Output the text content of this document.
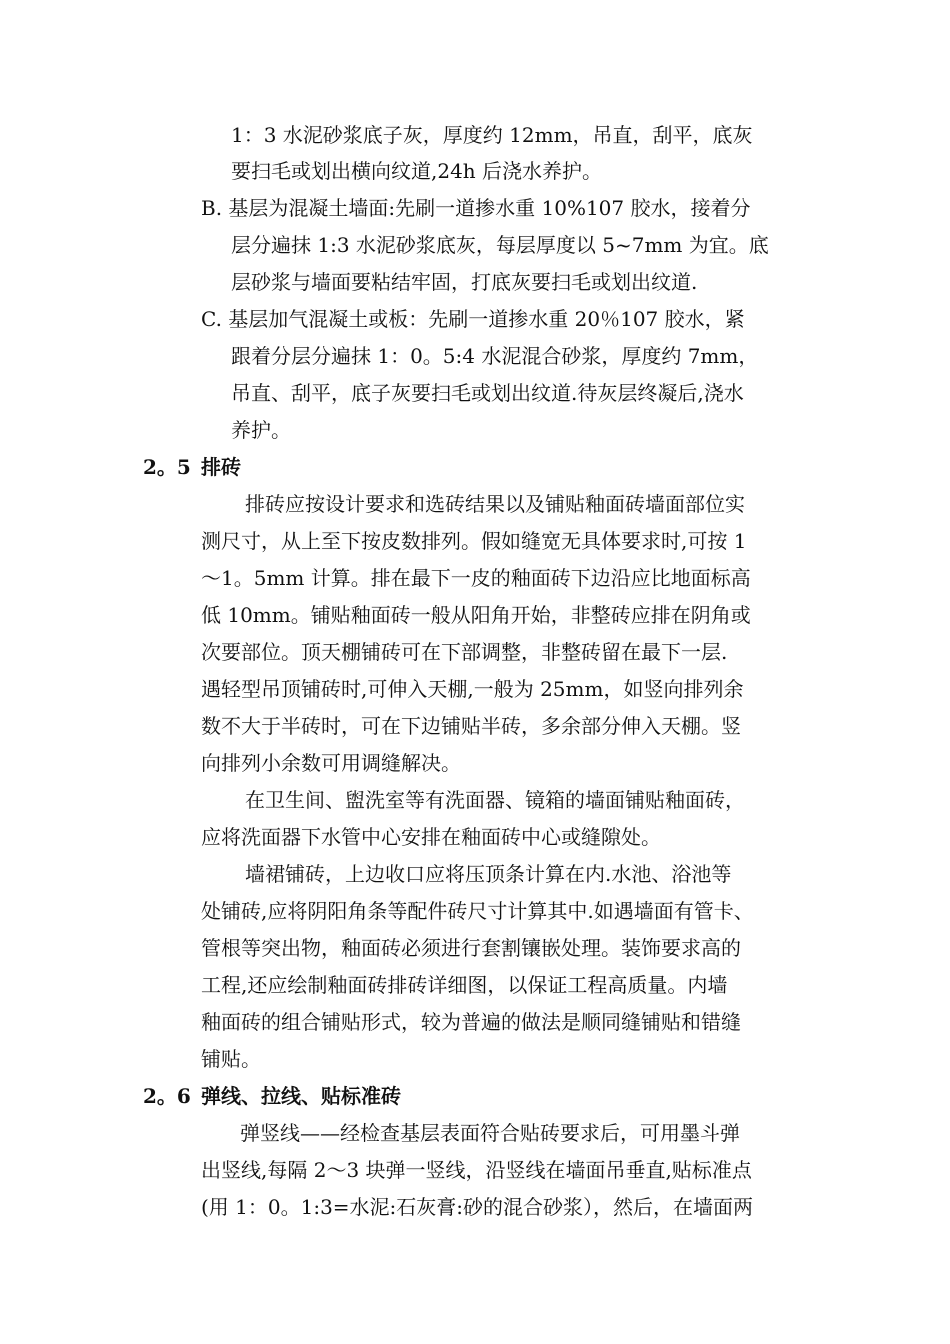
1：3 水泥砂浆底子灰，厚度约 12mm，吊直，刮平，底灰
要扫毛或划出横向纹道,24h 后浇水养护。
B. 基层为混凝土墙面:先刷一道掺水重 10%107 胶水，接着分
层分遍抹 1:3 水泥砂浆底灰，每层厚度以 5~7mm 为宜。底
层砂浆与墙面要粘结牢固，打底灰要扫毛或划出纹道.
C. 基层加气混凝土或板：先刷一道掺水重 20％107 胶水，紧
跟着分层分遍抹 1：0。5:4 水泥混合砂浆，厚度约 7mm，
吊直、刮平，底子灰要扫毛或划出纹道.待灰层终凝后,浇水
养护。
2。5 排砖
排砖应按设计要求和选砖结果以及铺贴釉面砖墙面部位实
测尺寸，从上至下按皮数排列。假如缝宽无具体要求时,可按 1
～1。5mm 计算。排在最下一皮的釉面砖下边沿应比地面标高
低 10mm。铺贴釉面砖一般从阳角开始，非整砖应排在阴角或
次要部位。顶天棚铺砖可在下部调整，非整砖留在最下一层.
遇轻型吊顶铺砖时,可伸入天棚,一般为 25mm，如竖向排列余
数不大于半砖时，可在下边铺贴半砖，多余部分伸入天棚。竖
向排列小余数可用调缝解决。
在卫生间、盥洗室等有洗面器、镜箱的墙面铺贴釉面砖，
应将洗面器下水管中心安排在釉面砖中心或缝隙处。
墙裙铺砖，上边收口应将压顶条计算在内.水池、浴池等
处铺砖,应将阴阳角条等配件砖尺寸计算其中.如遇墙面有管卡、
管根等突出物，釉面砖必须进行套割镶嵌处理。装饰要求高的
工程,还应绘制釉面砖排砖详细图，以保证工程高质量。内墙
釉面砖的组合铺贴形式，较为普遍的做法是顺同缝铺贴和错缝
铺贴。
2。6 弹线、拉线、贴标准砖
弹竖线——经检查基层表面符合贴砖要求后，可用墨斗弹
出竖线,每隔 2～3 块弹一竖线，沿竖线在墙面吊垂直,贴标准点
(用 1：0。1:3=水泥:石灰膏:砂的混合砂浆），然后，在墙面两
